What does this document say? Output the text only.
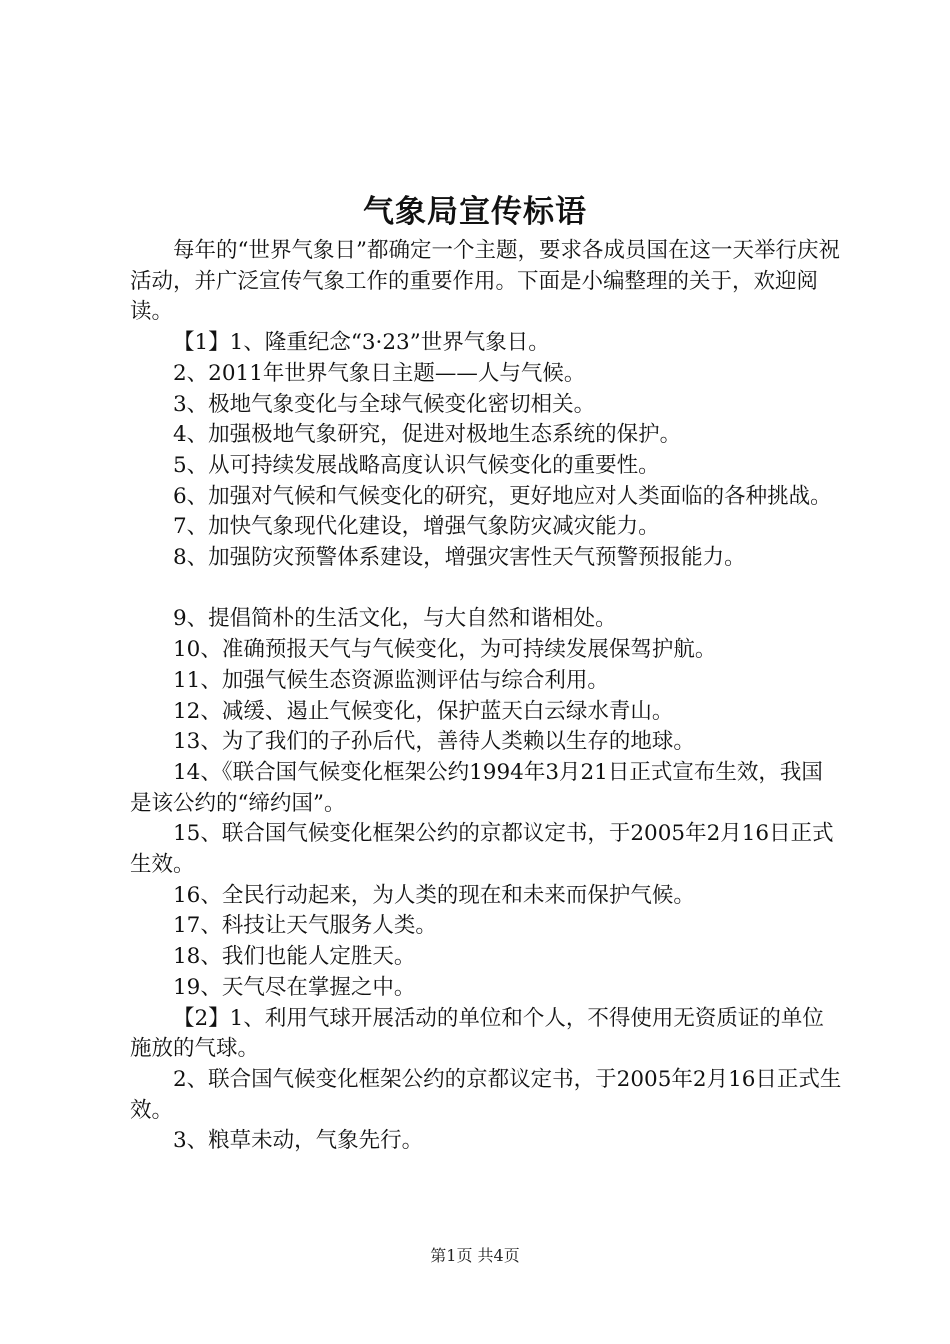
气象局宣传标语

每年的“世界气象日”都确定一个主题，要求各成员国在这一天举行庆祝活动，并广泛宣传气象工作的重要作用。下面是小编整理的关于，欢迎阅读。

【1】1、隆重纪念“3·23”世界气象日。

2、2011年世界气象日主题——人与气候。

3、极地气象变化与全球气候变化密切相关。

4、加强极地气象研究，促进对极地生态系统的保护。

5、从可持续发展战略高度认识气候变化的重要性。

6、加强对气候和气候变化的研究，更好地应对人类面临的各种挑战。

7、加快气象现代化建设，增强气象防灾减灾能力。

8、加强防灾预警体系建设，增强灾害性天气预警预报能力。

9、提倡简朴的生活文化，与大自然和谐相处。

10、准确预报天气与气候变化，为可持续发展保驾护航。

11、加强气候生态资源监测评估与综合利用。

12、减缓、遏止气候变化，保护蓝天白云绿水青山。

13、为了我们的子孙后代，善待人类赖以生存的地球。

14、《联合国气候变化框架公约1994年3月21日正式宣布生效，我国是该公约的“缔约国”。

15、联合国气候变化框架公约的京都议定书，于2005年2月16日正式生效。

16、全民行动起来，为人类的现在和未来而保护气候。

17、科技让天气服务人类。

18、我们也能人定胜天。

19、天气尽在掌握之中。

【2】1、利用气球开展活动的单位和个人，不得使用无资质证的单位施放的气球。

2、联合国气候变化框架公约的京都议定书，于2005年2月16日正式生效。

3、粮草未动，气象先行。

第1页 共4页
